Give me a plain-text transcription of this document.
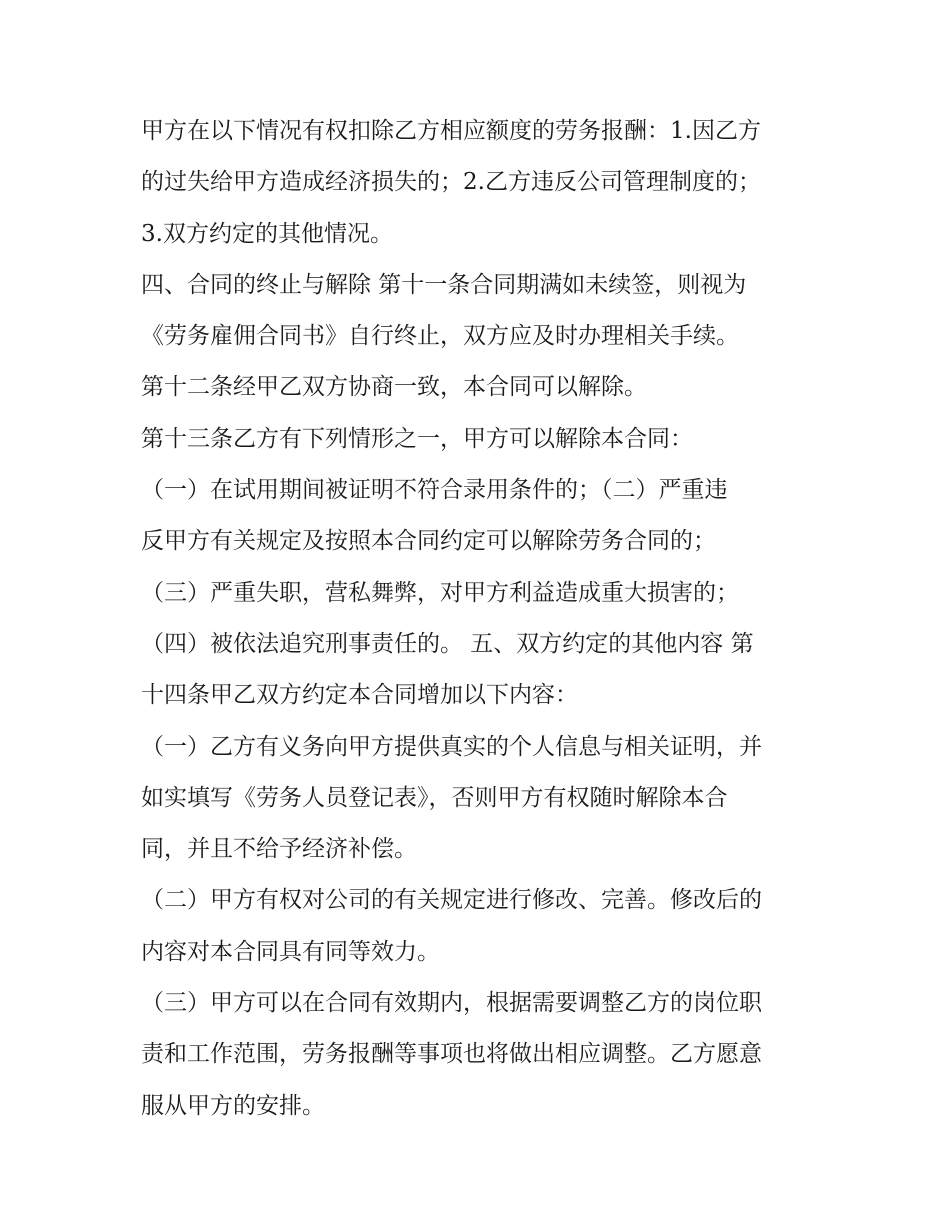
甲方在以下情况有权扣除乙方相应额度的劳务报酬：1.因乙方
的过失给甲方造成经济损失的；2.乙方违反公司管理制度的；
3.双方约定的其他情况。
四、合同的终止与解除 第十一条合同期满如未续签，则视为
《劳务雇佣合同书》自行终止，双方应及时办理相关手续。
第十二条经甲乙双方协商一致，本合同可以解除。
第十三条乙方有下列情形之一，甲方可以解除本合同：
（一）在试用期间被证明不符合录用条件的；（二）严重违
反甲方有关规定及按照本合同约定可以解除劳务合同的；
（三）严重失职，营私舞弊，对甲方利益造成重大损害的；
（四）被依法追究刑事责任的。 五、双方约定的其他内容 第
十四条甲乙双方约定本合同增加以下内容：
（一）乙方有义务向甲方提供真实的个人信息与相关证明，并
如实填写《劳务人员登记表》，否则甲方有权随时解除本合
同，并且不给予经济补偿。
（二）甲方有权对公司的有关规定进行修改、完善。修改后的
内容对本合同具有同等效力。
（三）甲方可以在合同有效期内，根据需要调整乙方的岗位职
责和工作范围，劳务报酬等事项也将做出相应调整。乙方愿意
服从甲方的安排。
